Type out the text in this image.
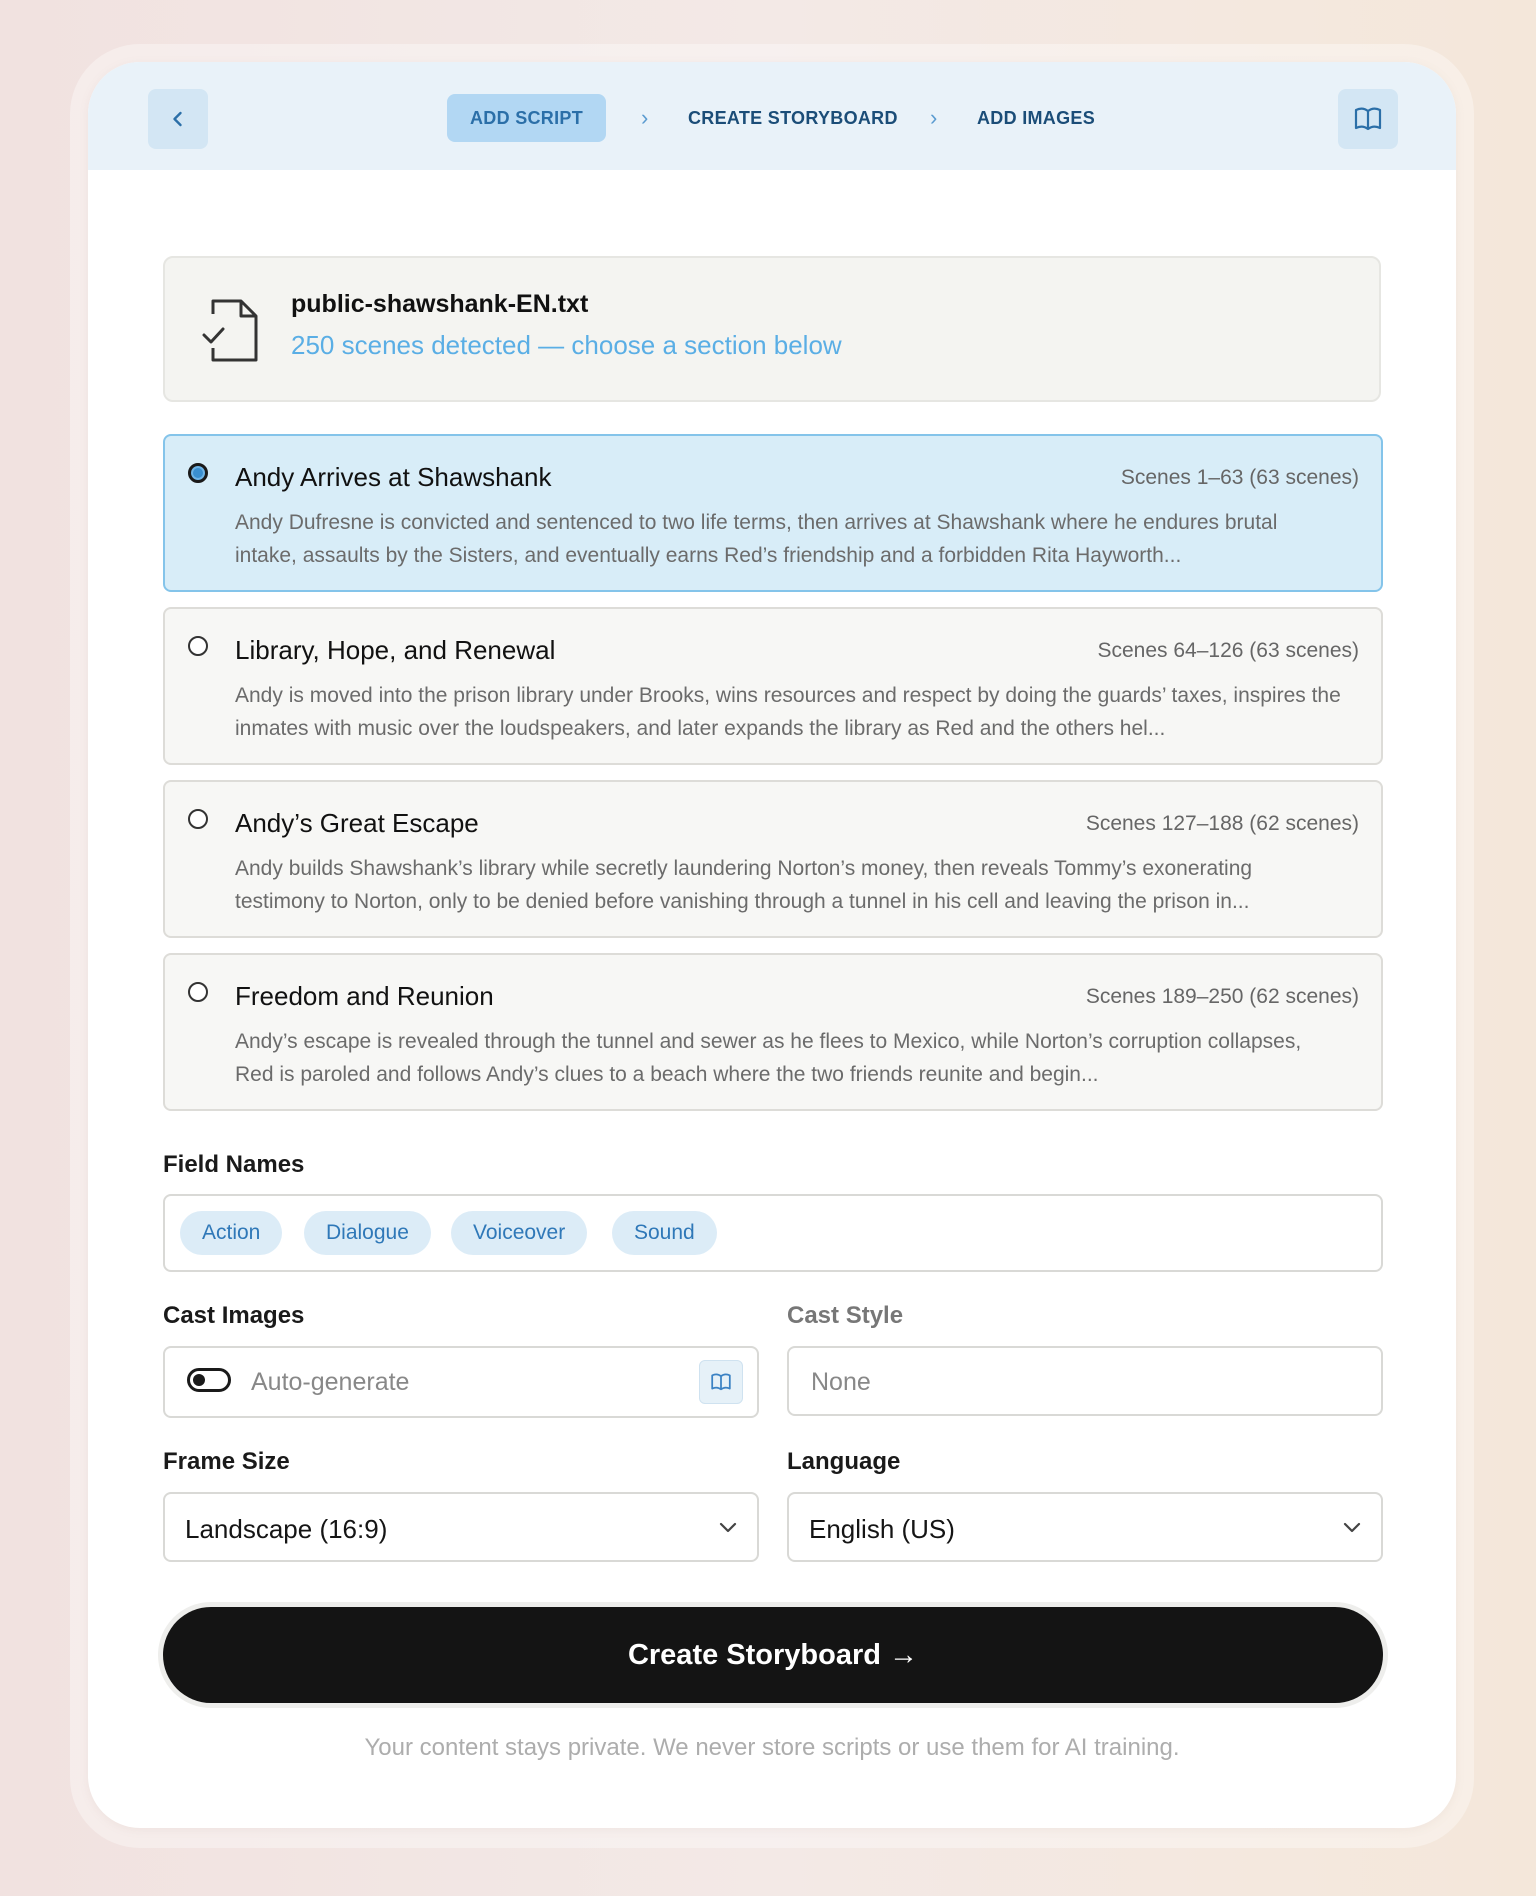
ADD SCRIPT	› CREATE STORYBOARD › ADD IMAGES
public-shawshank-EN.txt
250 scenes detected — choose a section below
Andy Arrives at Shawshank	Scenes 1–63 (63 scenes)
Andy Dufresne is convicted and sentenced to two life terms, then arrives at Shawshank where he endures brutal intake, assaults by the Sisters, and eventually earns Red’s friendship and a forbidden Rita Hayworth...
Library, Hope, and Renewal	Scenes 64–126 (63 scenes)
Andy is moved into the prison library under Brooks, wins resources and respect by doing the guards’ taxes, inspires the inmates with music over the loudspeakers, and later expands the library as Red and the others hel...
Andy’s Great Escape	Scenes 127–188 (62 scenes)
Andy builds Shawshank’s library while secretly laundering Norton’s money, then reveals Tommy’s exonerating testimony to Norton, only to be denied before vanishing through a tunnel in his cell and leaving the prison in...
Freedom and Reunion	Scenes 189–250 (62 scenes)
Andy’s escape is revealed through the tunnel and sewer as he flees to Mexico, while Norton’s corruption collapses, Red is paroled and follows Andy’s clues to a beach where the two friends reunite and begin...
Field Names
Action	Dialogue	Voiceover	Sound
Cast Images
Auto-generate
Cast Style
None
Frame Size
Landscape (16:9)
Language
English (US)
Create Storyboard →
Your content stays private. We never store scripts or use them for AI training.
